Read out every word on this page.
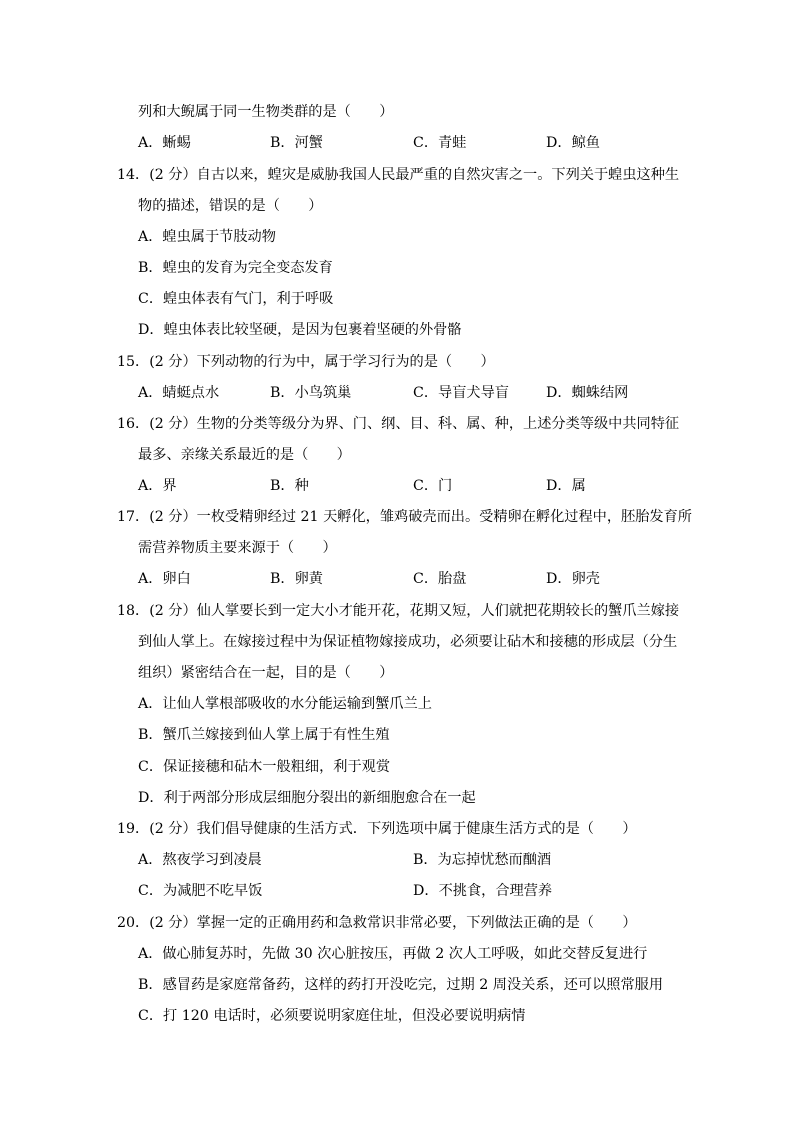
列和大鲵属于同一生物类群的是（　　）
A．蜥蜴	B．河蟹	C．青蛙	D．鲸鱼
14．(2 分）自古以来，蝗灾是威胁我国人民最严重的自然灾害之一。下列关于蝗虫这种生
物的描述，错误的是（　　）
A．蝗虫属于节肢动物
B．蝗虫的发育为完全变态发育
C．蝗虫体表有气门，利于呼吸
D．蝗虫体表比较坚硬，是因为包裹着坚硬的外骨骼
15．(2 分）下列动物的行为中，属于学习行为的是（　　）
A．蜻蜓点水	B．小鸟筑巢	C．导盲犬导盲	D．蜘蛛结网
16．(2 分）生物的分类等级分为界、门、纲、目、科、属、种，上述分类等级中共同特征
最多、亲缘关系最近的是（　　）
A．界	B．种	C．门	D．属
17．(2 分）一枚受精卵经过 21 天孵化，雏鸡破壳而出。受精卵在孵化过程中，胚胎发育所
需营养物质主要来源于（　　）
A．卵白	B．卵黄	C．胎盘	D．卵壳
18．(2 分）仙人掌要长到一定大小才能开花，花期又短，人们就把花期较长的蟹爪兰嫁接
到仙人掌上。在嫁接过程中为保证植物嫁接成功，必须要让砧木和接穗的形成层（分生
组织）紧密结合在一起，目的是（　　）
A．让仙人掌根部吸收的水分能运输到蟹爪兰上
B．蟹爪兰嫁接到仙人掌上属于有性生殖
C．保证接穗和砧木一般粗细，利于观赏
D．利于两部分形成层细胞分裂出的新细胞愈合在一起
19．(2 分）我们倡导健康的生活方式．下列选项中属于健康生活方式的是（　　）
A．熬夜学习到凌晨	B．为忘掉忧愁而酗酒
C．为减肥不吃早饭	D．不挑食，合理营养
20．(2 分）掌握一定的正确用药和急救常识非常必要，下列做法正确的是（　　）
A．做心肺复苏时，先做 30 次心脏按压，再做 2 次人工呼吸，如此交替反复进行
B．感冒药是家庭常备药，这样的药打开没吃完，过期 2 周没关系，还可以照常服用
C．打 120 电话时，必须要说明家庭住址，但没必要说明病情
